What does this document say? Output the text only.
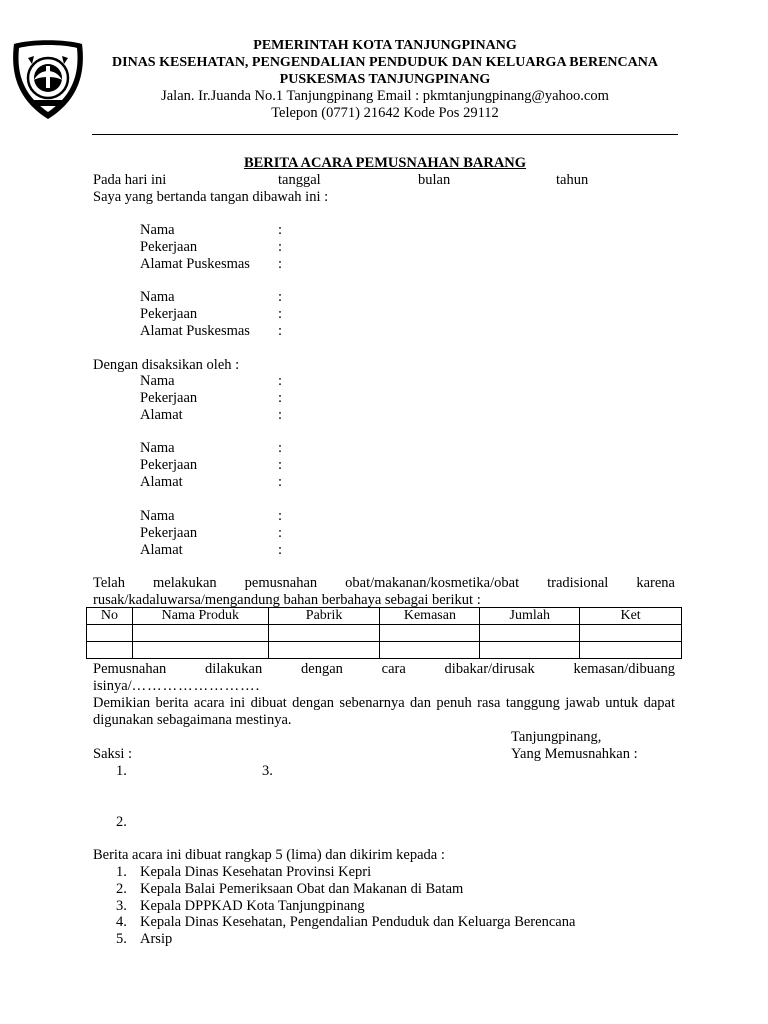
PEMERINTAH KOTA TANJUNGPINANG
DINAS KESEHATAN, PENGENDALIAN PENDUDUK DAN KELUARGA BERENCANA
PUSKESMAS TANJUNGPINANG
Jalan. Ir.Juanda No.1 Tanjungpinang Email : pkmtanjungpinang@yahoo.com
Telepon (0771) 21642 Kode Pos 29112
BERITA ACARA PEMUSNAHAN BARANG
Pada hari ini	tanggal	bulan	tahun
Saya yang bertanda tangan dibawah ini :
Nama	:
Pekerjaan	:
Alamat Puskesmas :
Nama	:
Pekerjaan	:
Alamat Puskesmas :
Dengan disaksikan oleh :
Nama	:
Pekerjaan	:
Alamat	:
Nama	:
Pekerjaan	:
Alamat	:
Nama	:
Pekerjaan	:
Alamat	:
Telah melakukan pemusnahan obat/makanan/kosmetika/obat tradisional karena
rusak/kadaluwarsa/mengandung bahan berbahaya sebagai berikut :
No	Nama Produk	Pabrik	Kemasan	Jumlah	Ket

Pemusnahan dilakukan dengan cara dibakar/dirusak kemasan/dibuang
isinya/…………………….
Demikian berita acara ini dibuat dengan sebenarnya dan penuh rasa tanggung jawab untuk dapat digunakan sebagaimana mestinya.
Tanjungpinang,
Saksi :	Yang Memusnahkan :
1.	3.
2.
Berita acara ini dibuat rangkap 5 (lima) dan dikirim kepada :
1. Kepala Dinas Kesehatan Provinsi Kepri
2. Kepala Balai Pemeriksaan Obat dan Makanan di Batam
3. Kepala DPPKAD Kota Tanjungpinang
4. Kepala Dinas Kesehatan, Pengendalian Penduduk dan Keluarga Berencana
5. Arsip
